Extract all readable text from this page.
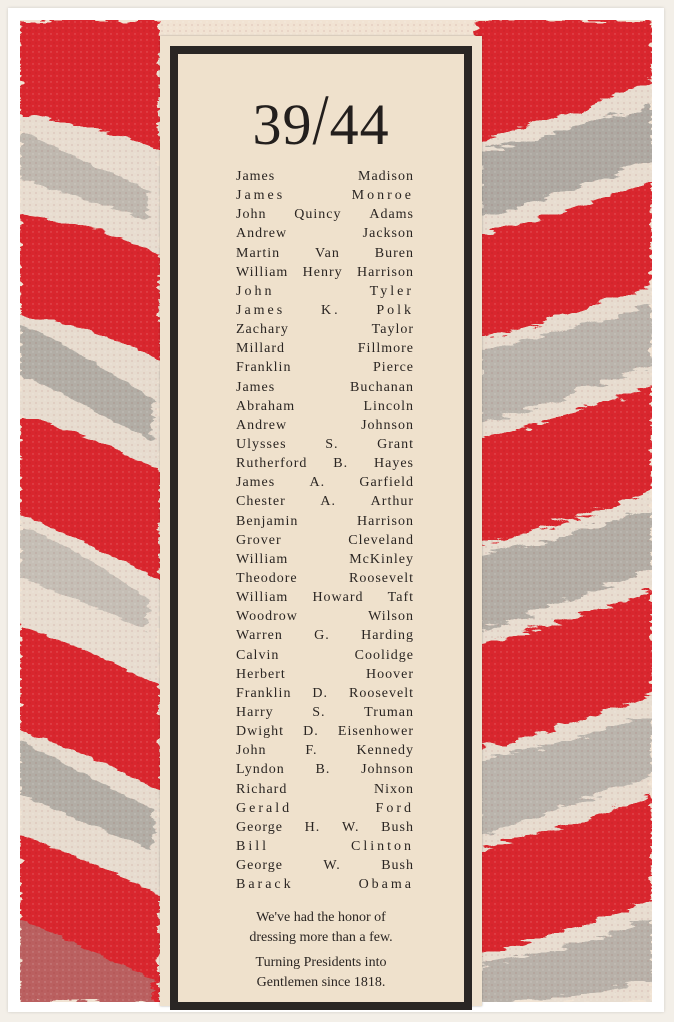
39/44
James	Madison
James	Monroe
John Quincy Adams
Andrew	Jackson
Martin Van Buren
William Henry Harrison
John	Tyler
James	K.	Polk
Zachary	Taylor
Millard	Fillmore
Franklin	Pierce
James	Buchanan
Abraham	Lincoln
Andrew	Johnson
Ulysses	S.	Grant
Rutherford B. Hayes
James A. Garfield
Chester A. Arthur
Benjamin	Harrison
Grover	Cleveland
William	McKinley
Theodore	Roosevelt
William Howard Taft
Woodrow	Wilson
Warren G. Harding
Calvin	Coolidge
Herbert	Hoover
Franklin D. Roosevelt
Harry	S.	Truman
Dwight D. Eisenhower
John	F.	Kennedy
Lyndon B. Johnson
Richard	Nixon
Gerald	Ford
George H. W. Bush
Bill	Clinton
George	W.	Bush
Barack	Obama
We've had the honor of
dressing more than a few.
Turning Presidents into
Gentlemen since 1818.
